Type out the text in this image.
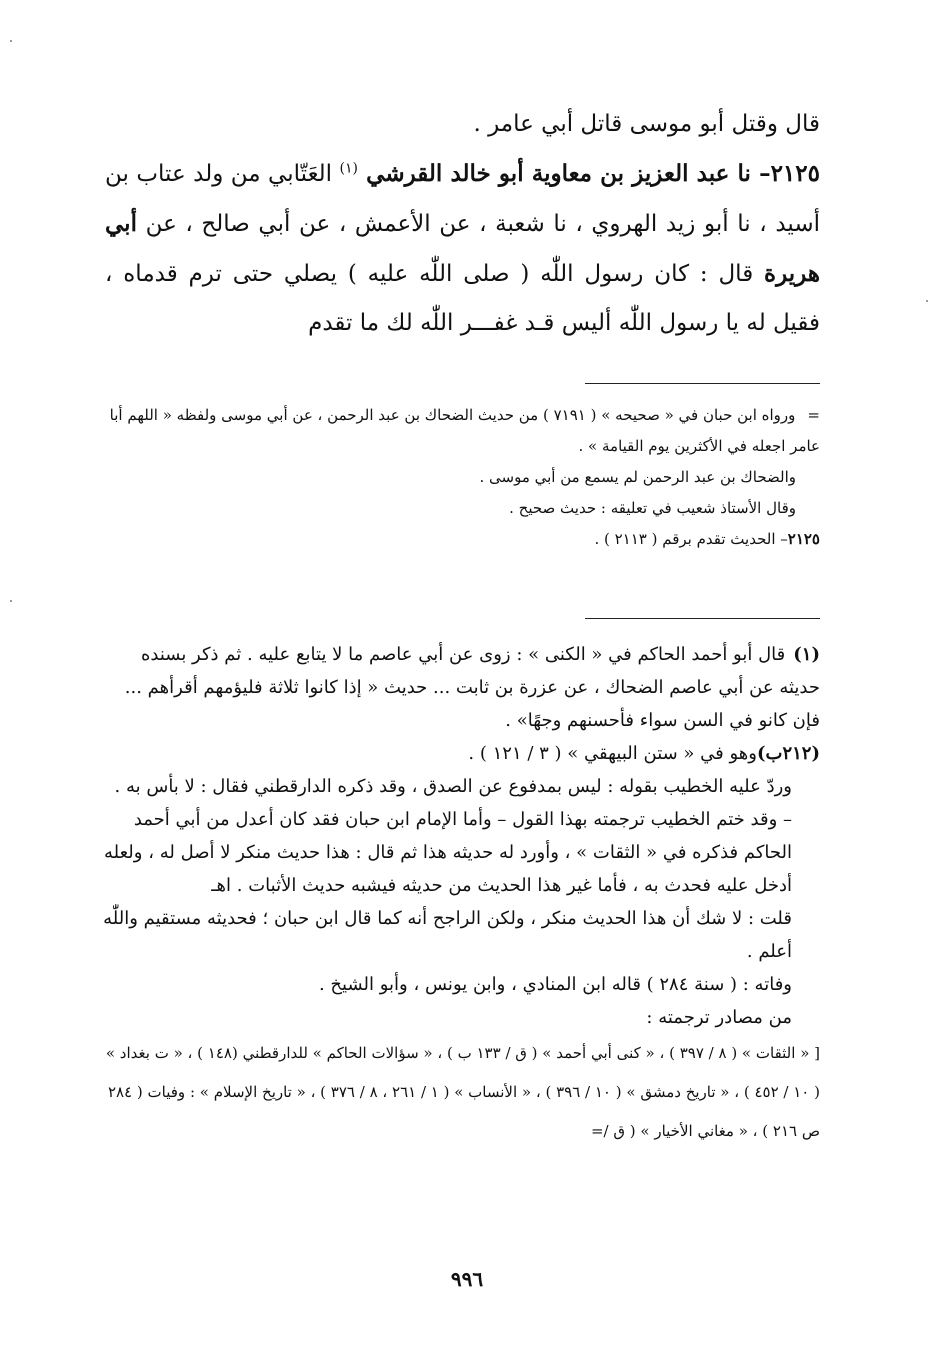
قال وقتل أبو موسى قاتل أبي عامر .

٢١٢٥– نا عبد العزيز بن معاوية أبو خالد القرشي $^{(١)}$ العَتّابي من ولد عتاب بن أسيد ، نا أبو زيد الهروي ، نا شعبة ، عن الأعمش ، عن أبي صالح ، عن أبي هريرة قال : كان رسول اللّٰه ( صلى اللّٰه عليه ) يصلي حتى ترم قدماه ، فقيل له يا رسول اللّٰه أليس قـد غفـــر اللّٰه لك ما تقدم

=ورواه ابن حبان في « صحيحه » ( ٧١٩١ ) من حديث الضحاك بن عبد الرحمن ، عن أبي موسى ولفظه « اللهم أبا عامر اجعله في الأكثرين يوم القيامة » .

والضحاك بن عبد الرحمن لم يسمع من أبي موسى .

وقال الأستاذ شعيب في تعليقه : حديث صحيح .

٢١٢٥– الحديث تقدم برقم ( ٢١١٣ ) .

(١)قال أبو أحمد الحاكم في « الكنى » : زوى عن أبي عاصم ما لا يتابع عليه . ثم ذكر بسنده حديثه عن أبي عاصم الضحاك ، عن عزرة بن ثابت ... حديث « إذا كانوا ثلاثة فليؤمهم أقرأهم ... فإن كانو في السن سواء فأحسنهم وجهًا» .

(٢١٢ب)وهو في « ستن البيهقي » ( ٣ / ١٢١ ) .

وردّ عليه الخطيب بقوله : ليس بمدفوع عن الصدق ، وقد ذكره الدارقطني فقال : لا بأس به . – وقد ختم الخطيب ترجمته بهذا القول – وأما الإمام ابن حبان فقد كان أعدل من أبي أحمد الحاكم فذكره في « الثقات » ، وأورد له حديثه هذا ثم قال : هذا حديث منكر لا أصل له ، ولعله أدخل عليه فحدث به ، فأما غير هذا الحديث من حديثه فيشبه حديث الأثبات . اهـ

قلت : لا شك أن هذا الحديث منكر ، ولكن الراجح أنه كما قال ابن حبان ؛ فحديثه مستقيم واللّٰه أعلم .

وفاته : ( سنة ٢٨٤ ) قاله ابن المنادي ، وابن يونس ، وأبو الشيخ .

من مصادر ترجمته :

[ « الثقات » ( ٨ / ٣٩٧ ) ، « كنى أبي أحمد » ( ق / ١٣٣ ب ) ، « سؤالات الحاكم » للدارقطني (١٤٨ ) ، « ت بغداد » ( ١٠ / ٤٥٢ ) ، « تاريخ دمشق » ( ١٠ / ٣٩٦ ) ، « الأنساب » ( ١ / ٢٦١ ، ٨ / ٣٧٦ ) ، « تاريخ الإسلام » : وفيات ( ٢٨٤ ص ٢١٦ ) ، « مغاني الأخيار » ( ق /=

٩٩٦
